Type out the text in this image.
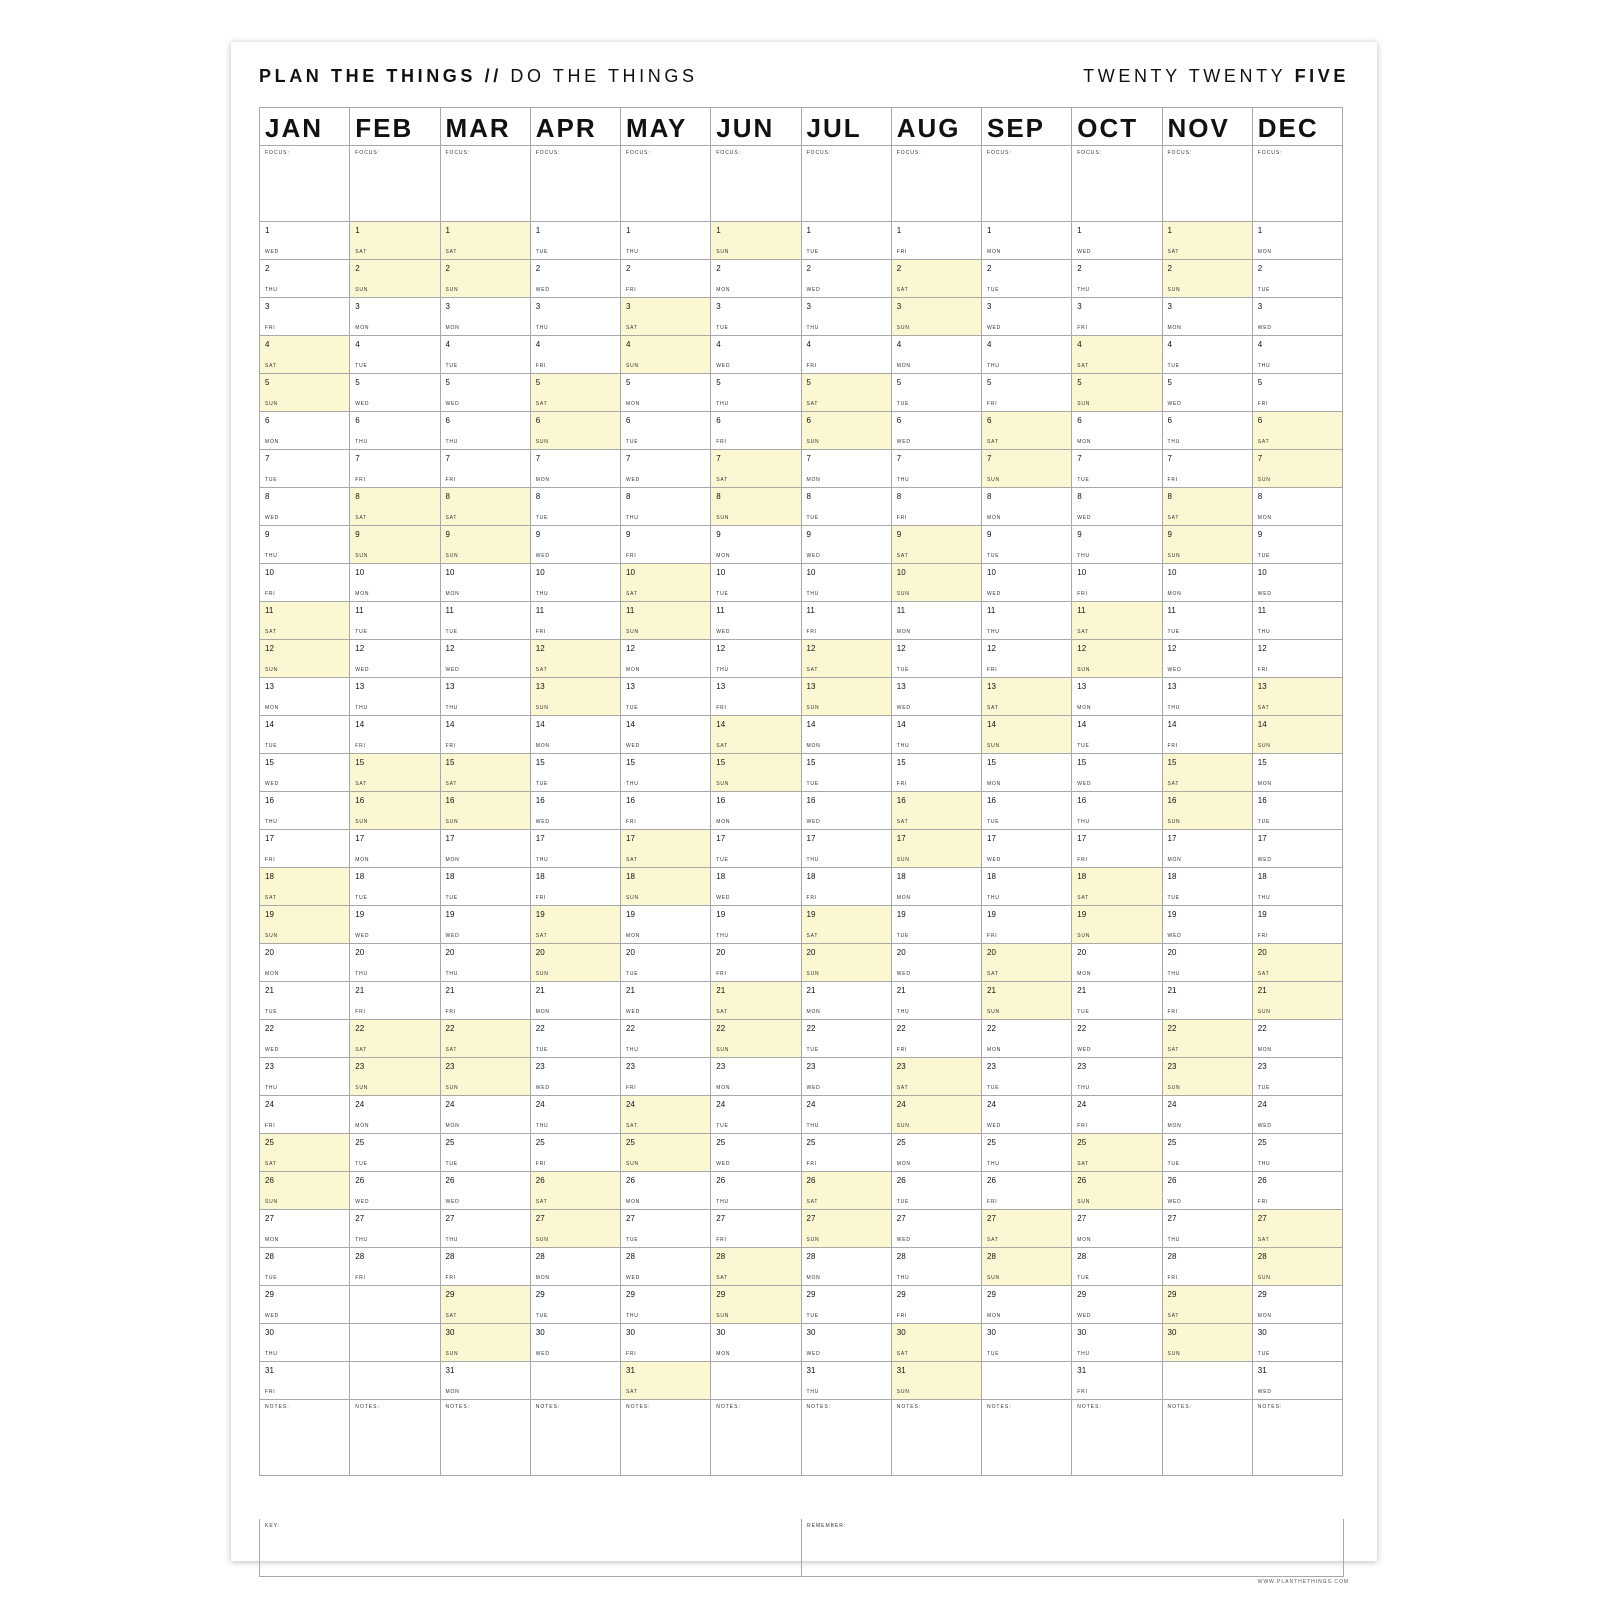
PLAN THE THINGS // DO THE THINGS	TWENTY TWENTY FIVE
JAN
FOCUS:
1
WED
2
THU
3
FRI
4
SAT
5
SUN
6
MON
7
TUE
8
WED
9
THU
10
FRI
11
SAT
12
SUN
13
MON
14
TUE
15
WED
16
THU
17
FRI
18
SAT
19
SUN
20
MON
21
TUE
22
WED
23
THU
24
FRI
25
SAT
26
SUN
27
MON
28
TUE
29
WED
30
THU
31
FRI
NOTES:
FEB
FOCUS:
1
SAT
2
SUN
3
MON
4
TUE
5
WED
6
THU
7
FRI
8
SAT
9
SUN
10
MON
11
TUE
12
WED
13
THU
14
FRI
15
SAT
16
SUN
17
MON
18
TUE
19
WED
20
THU
21
FRI
22
SAT
23
SUN
24
MON
25
TUE
26
WED
27
THU
28
FRI
NOTES:
MAR
FOCUS:
1
SAT
2
SUN
3
MON
4
TUE
5
WED
6
THU
7
FRI
8
SAT
9
SUN
10
MON
11
TUE
12
WED
13
THU
14
FRI
15
SAT
16
SUN
17
MON
18
TUE
19
WED
20
THU
21
FRI
22
SAT
23
SUN
24
MON
25
TUE
26
WED
27
THU
28
FRI
29
SAT
30
SUN
31
MON
NOTES:
APR
FOCUS:
1
TUE
2
WED
3
THU
4
FRI
5
SAT
6
SUN
7
MON
8
TUE
9
WED
10
THU
11
FRI
12
SAT
13
SUN
14
MON
15
TUE
16
WED
17
THU
18
FRI
19
SAT
20
SUN
21
MON
22
TUE
23
WED
24
THU
25
FRI
26
SAT
27
SUN
28
MON
29
TUE
30
WED
NOTES:
MAY
FOCUS:
1
THU
2
FRI
3
SAT
4
SUN
5
MON
6
TUE
7
WED
8
THU
9
FRI
10
SAT
11
SUN
12
MON
13
TUE
14
WED
15
THU
16
FRI
17
SAT
18
SUN
19
MON
20
TUE
21
WED
22
THU
23
FRI
24
SAT
25
SUN
26
MON
27
TUE
28
WED
29
THU
30
FRI
31
SAT
NOTES:
JUN
FOCUS:
1
SUN
2
MON
3
TUE
4
WED
5
THU
6
FRI
7
SAT
8
SUN
9
MON
10
TUE
11
WED
12
THU
13
FRI
14
SAT
15
SUN
16
MON
17
TUE
18
WED
19
THU
20
FRI
21
SAT
22
SUN
23
MON
24
TUE
25
WED
26
THU
27
FRI
28
SAT
29
SUN
30
MON
NOTES:
JUL
FOCUS:
1
TUE
2
WED
3
THU
4
FRI
5
SAT
6
SUN
7
MON
8
TUE
9
WED
10
THU
11
FRI
12
SAT
13
SUN
14
MON
15
TUE
16
WED
17
THU
18
FRI
19
SAT
20
SUN
21
MON
22
TUE
23
WED
24
THU
25
FRI
26
SAT
27
SUN
28
MON
29
TUE
30
WED
31
THU
NOTES:
AUG
FOCUS:
1
FRI
2
SAT
3
SUN
4
MON
5
TUE
6
WED
7
THU
8
FRI
9
SAT
10
SUN
11
MON
12
TUE
13
WED
14
THU
15
FRI
16
SAT
17
SUN
18
MON
19
TUE
20
WED
21
THU
22
FRI
23
SAT
24
SUN
25
MON
26
TUE
27
WED
28
THU
29
FRI
30
SAT
31
SUN
NOTES:
SEP
FOCUS:
1
MON
2
TUE
3
WED
4
THU
5
FRI
6
SAT
7
SUN
8
MON
9
TUE
10
WED
11
THU
12
FRI
13
SAT
14
SUN
15
MON
16
TUE
17
WED
18
THU
19
FRI
20
SAT
21
SUN
22
MON
23
TUE
24
WED
25
THU
26
FRI
27
SAT
28
SUN
29
MON
30
TUE
NOTES:
OCT
FOCUS:
1
WED
2
THU
3
FRI
4
SAT
5
SUN
6
MON
7
TUE
8
WED
9
THU
10
FRI
11
SAT
12
SUN
13
MON
14
TUE
15
WED
16
THU
17
FRI
18
SAT
19
SUN
20
MON
21
TUE
22
WED
23
THU
24
FRI
25
SAT
26
SUN
27
MON
28
TUE
29
WED
30
THU
31
FRI
NOTES:
NOV
FOCUS:
1
SAT
2
SUN
3
MON
4
TUE
5
WED
6
THU
7
FRI
8
SAT
9
SUN
10
MON
11
TUE
12
WED
13
THU
14
FRI
15
SAT
16
SUN
17
MON
18
TUE
19
WED
20
THU
21
FRI
22
SAT
23
SUN
24
MON
25
TUE
26
WED
27
THU
28
FRI
29
SAT
30
SUN
NOTES:
DEC
FOCUS:
1
MON
2
TUE
3
WED
4
THU
5
FRI
6
SAT
7
SUN
8
MON
9
TUE
10
WED
11
THU
12
FRI
13
SAT
14
SUN
15
MON
16
TUE
17
WED
18
THU
19
FRI
20
SAT
21
SUN
22
MON
23
TUE
24
WED
25
THU
26
FRI
27
SAT
28
SUN
29
MON
30
TUE
31
WED
NOTES:
KEY:	REMEMBER:
WWW.PLANTHETHINGS.COM
